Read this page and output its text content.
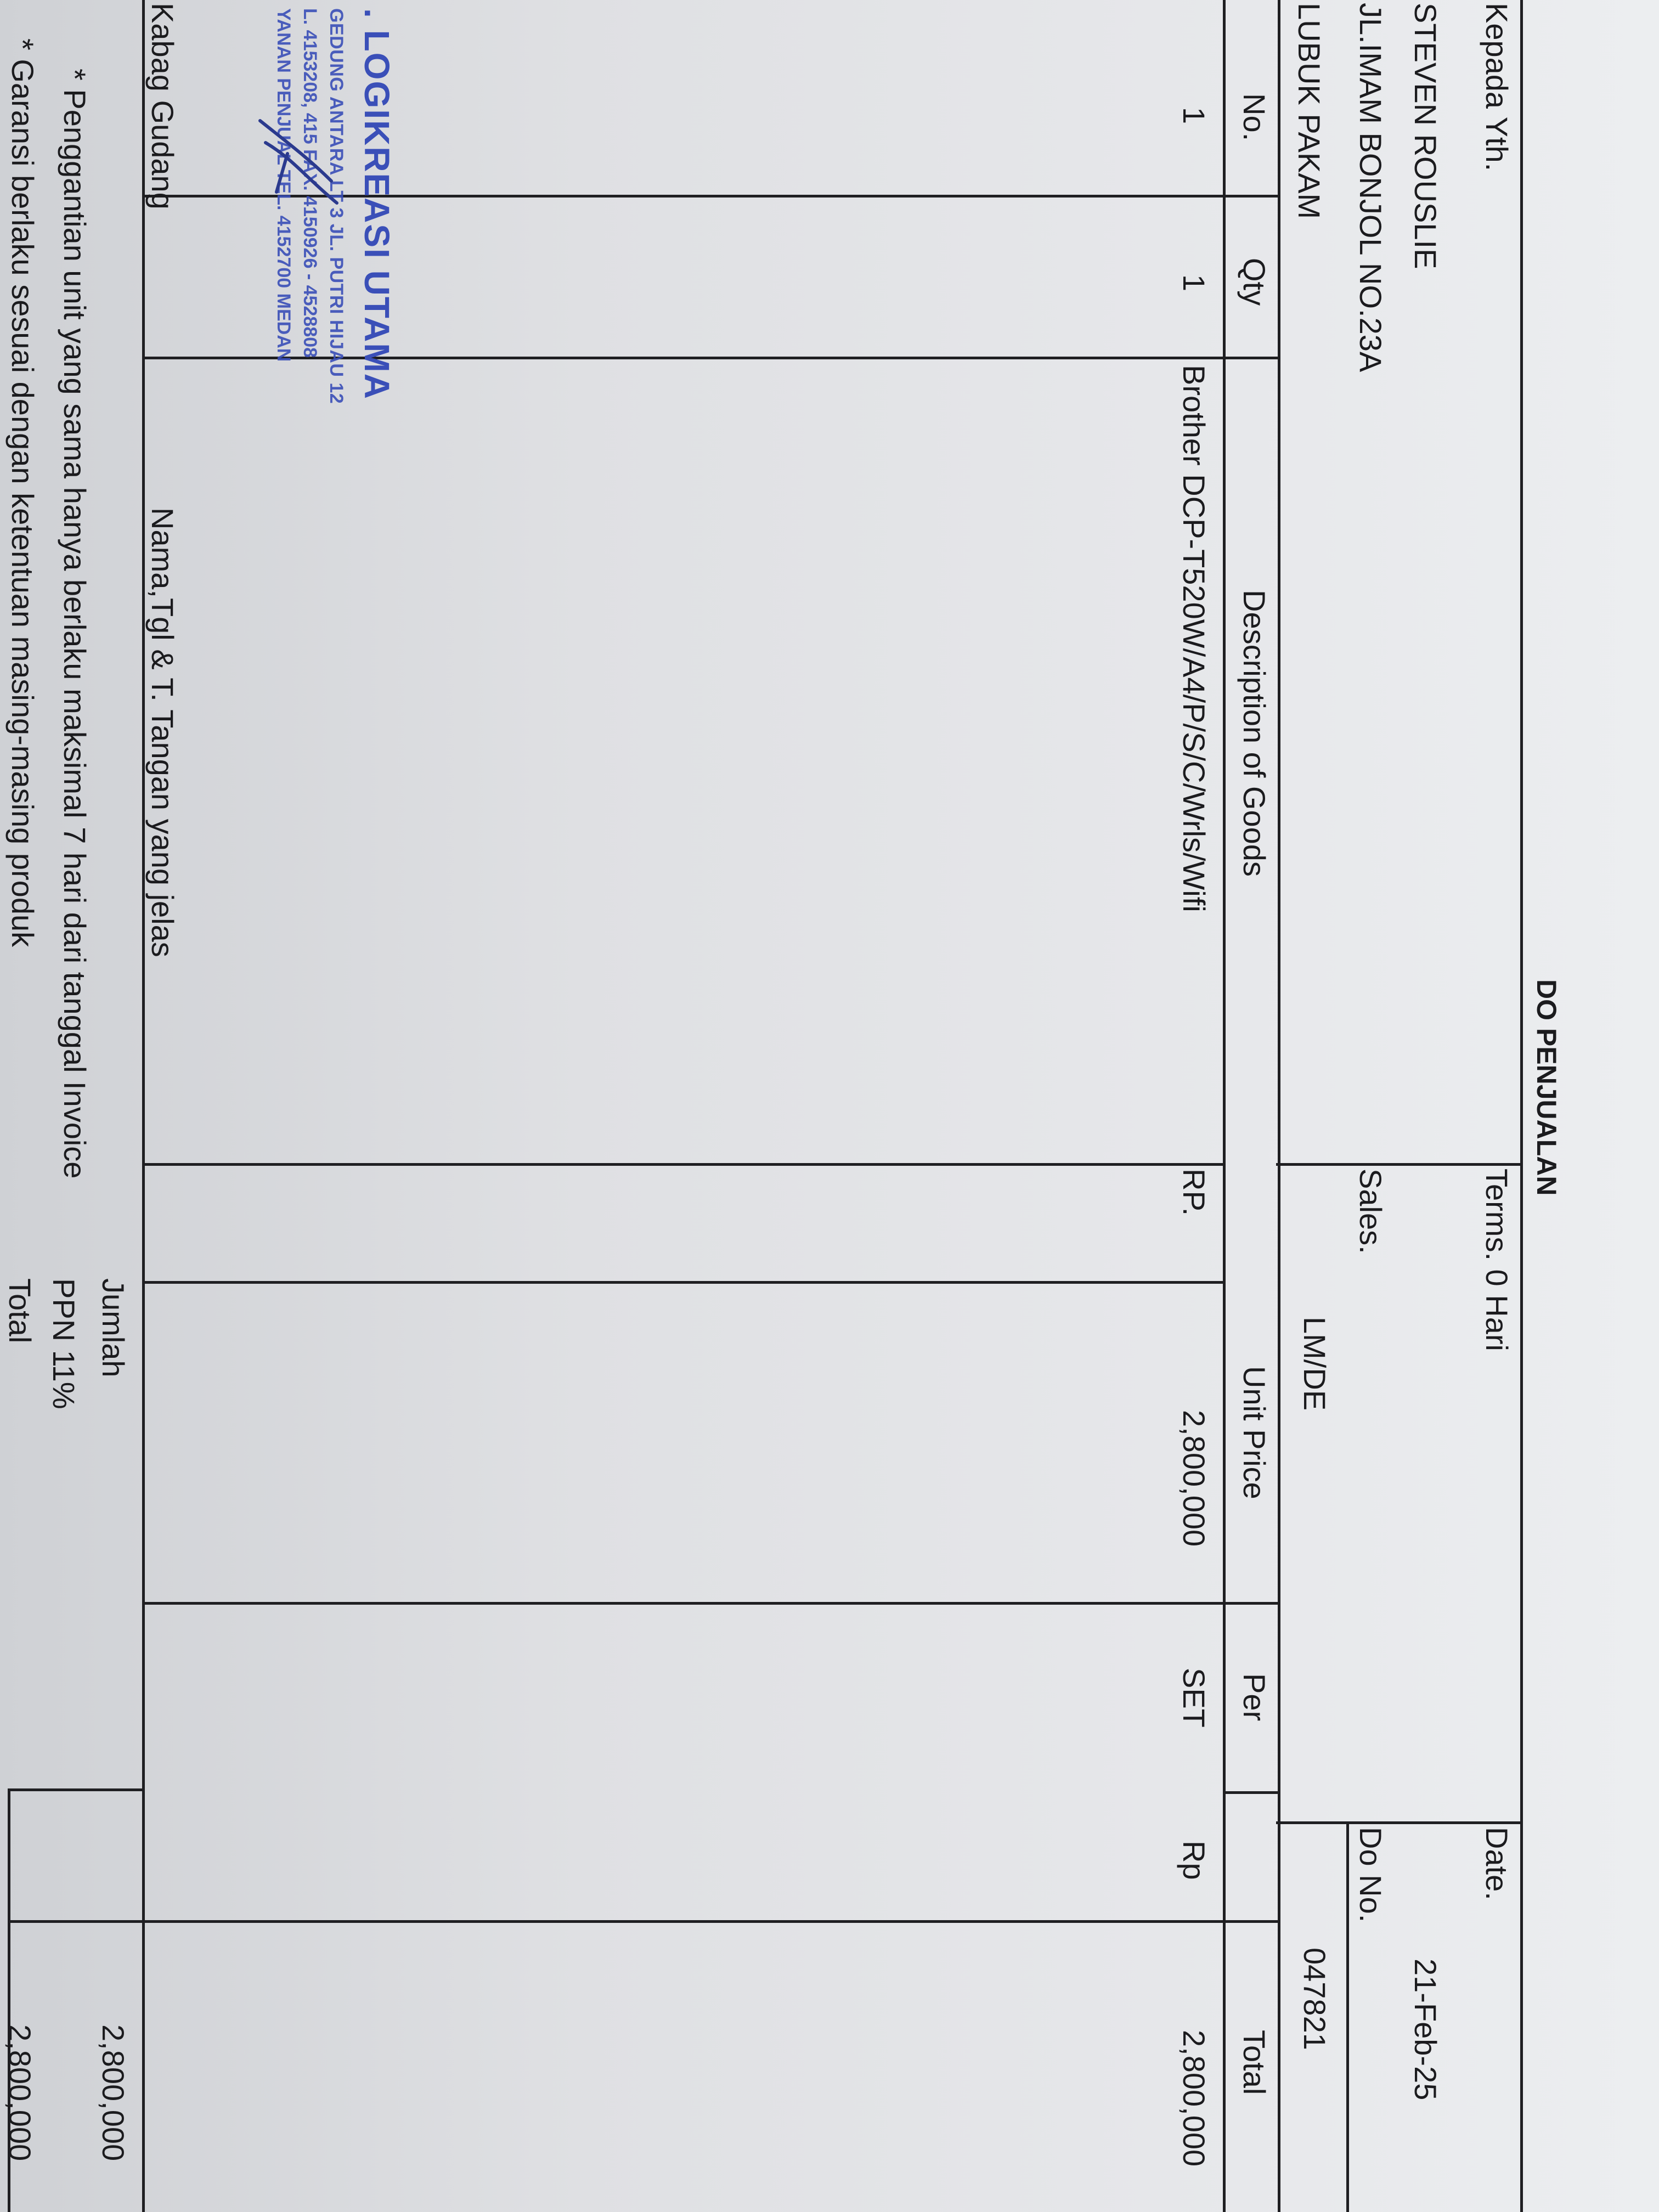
DO PENJUALAN
Kepada Yth.
STEVEN ROUSLIE
JL.IMAM BONJOL NO.23A
LUBUK PAKAM
Terms. 0 Hari
Sales.
LM/DE
Date.
21-Feb-25
Do No.
047821
No.
Qty
Description of Goods
Unit Price
Per
Total
1
1
Brother DCP-T520W/A4/P/S/C/Wrls/Wifi
RP.
2,800,000
SET
Rp
2,800,000
Jumlah
2,800,000
PPN 11%
Total
2,800,000
. LOGIKREASI UTAMA
GEDUNG ANTARA LT 3 JL. PUTRI HIJAU 12
L. 4153208, 415 FAX. 4150926 - 4528808
YANAN PENJUAL TEL. 4152700 MEDAN
Kabag Gudang
Nama,Tgl & T. Tangan yang jelas
* Penggantian unit yang sama hanya berlaku maksimal 7 hari dari tanggal Invoice
* Garansi berlaku sesuai dengan ketentuan masing-masing produk
